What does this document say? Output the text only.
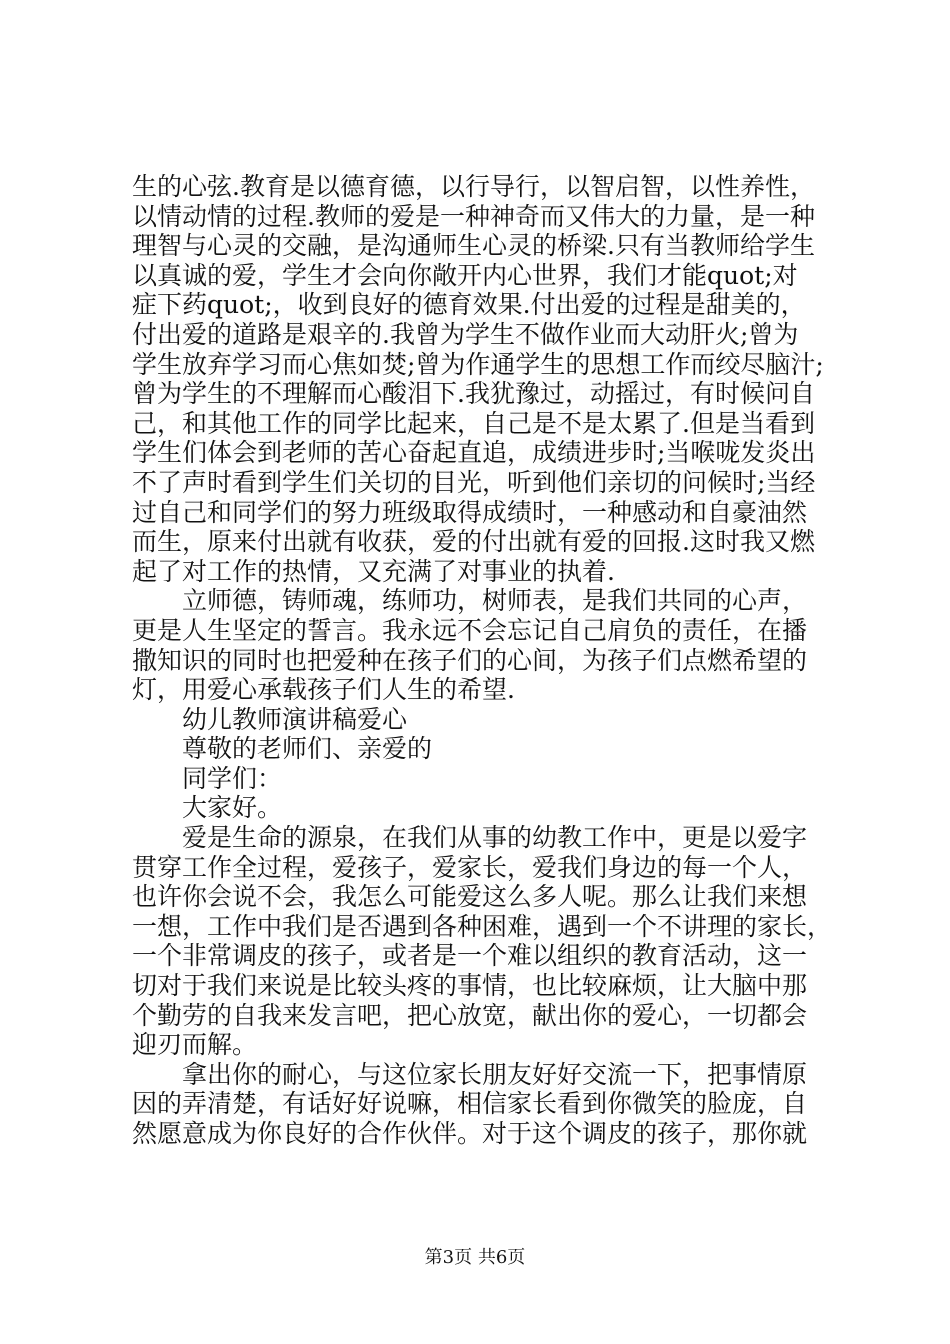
生的心弦.教育是以德育德，以行导行，以智启智，以性养性，
以情动情的过程.教师的爱是一种神奇而又伟大的力量，是一种
理智与心灵的交融，是沟通师生心灵的桥梁.只有当教师给学生
以真诚的爱，学生才会向你敞开内心世界，我们才能quot;对
症下药quot;，收到良好的德育效果.付出爱的过程是甜美的，
付出爱的道路是艰辛的.我曾为学生不做作业而大动肝火;曾为
学生放弃学习而心焦如焚;曾为作通学生的思想工作而绞尽脑汁;
曾为学生的不理解而心酸泪下.我犹豫过，动摇过，有时候问自
己，和其他工作的同学比起来，自己是不是太累了.但是当看到
学生们体会到老师的苦心奋起直追，成绩进步时;当喉咙发炎出
不了声时看到学生们关切的目光，听到他们亲切的问候时;当经
过自己和同学们的努力班级取得成绩时，一种感动和自豪油然
而生，原来付出就有收获，爱的付出就有爱的回报.这时我又燃
起了对工作的热情，又充满了对事业的执着.

　　立师德，铸师魂，练师功，树师表，是我们共同的心声，
更是人生坚定的誓言。我永远不会忘记自己肩负的责任，在播
撒知识的同时也把爱种在孩子们的心间，为孩子们点燃希望的
灯，用爱心承载孩子们人生的希望.

　　幼儿教师演讲稿爱心

　　尊敬的老师们、亲爱的

　　同学们：

　　大家好。

　　爱是生命的源泉，在我们从事的幼教工作中，更是以爱字
贯穿工作全过程，爱孩子，爱家长，爱我们身边的每一个人，
也许你会说不会，我怎么可能爱这么多人呢。那么让我们来想
一想，工作中我们是否遇到各种困难，遇到一个不讲理的家长，
一个非常调皮的孩子，或者是一个难以组织的教育活动，这一
切对于我们来说是比较头疼的事情，也比较麻烦，让大脑中那
个勤劳的自我来发言吧，把心放宽，献出你的爱心，一切都会
迎刃而解。

　　拿出你的耐心，与这位家长朋友好好交流一下，把事情原
因的弄清楚，有话好好说嘛，相信家长看到你微笑的脸庞，自
然愿意成为你良好的合作伙伴。对于这个调皮的孩子，那你就

第3页 共6页
